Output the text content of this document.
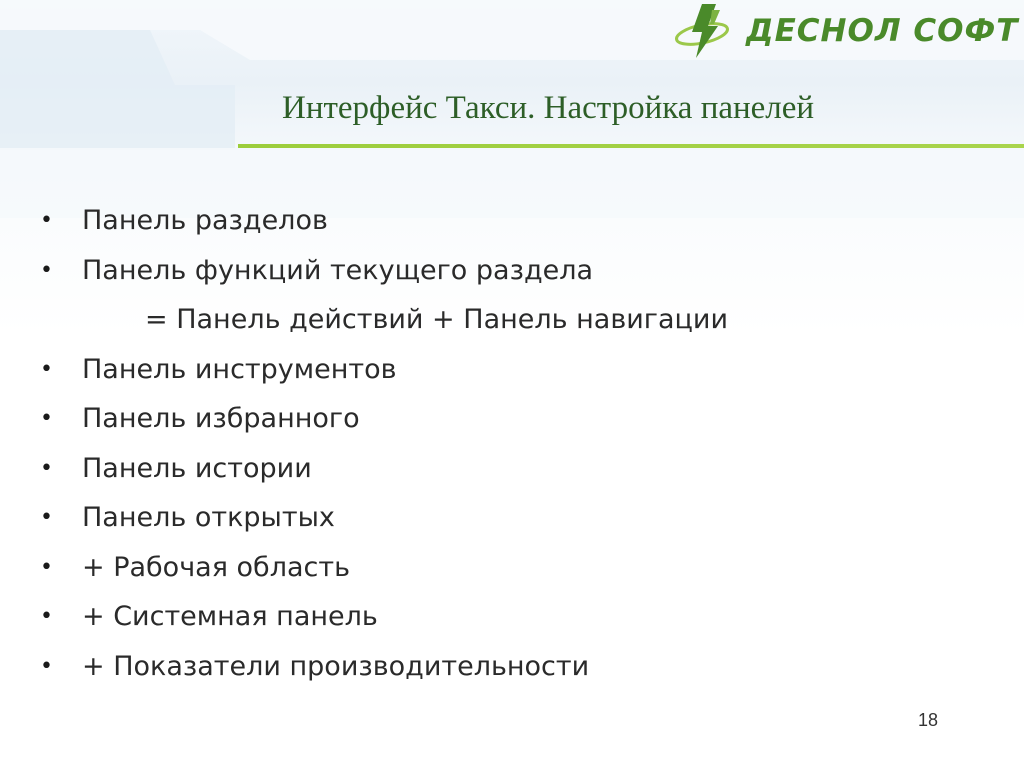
ДЕСНОЛ СОФТ
Интерфейс Такси. Настройка панелей
•	Панель разделов
•	Панель функций текущего раздела
= Панель действий + Панель навигации
•	Панель инструментов
•	Панель избранного
•	Панель истории
•	Панель открытых
•	+ Рабочая область
•	+ Системная панель
•	+ Показатели производительности
18
